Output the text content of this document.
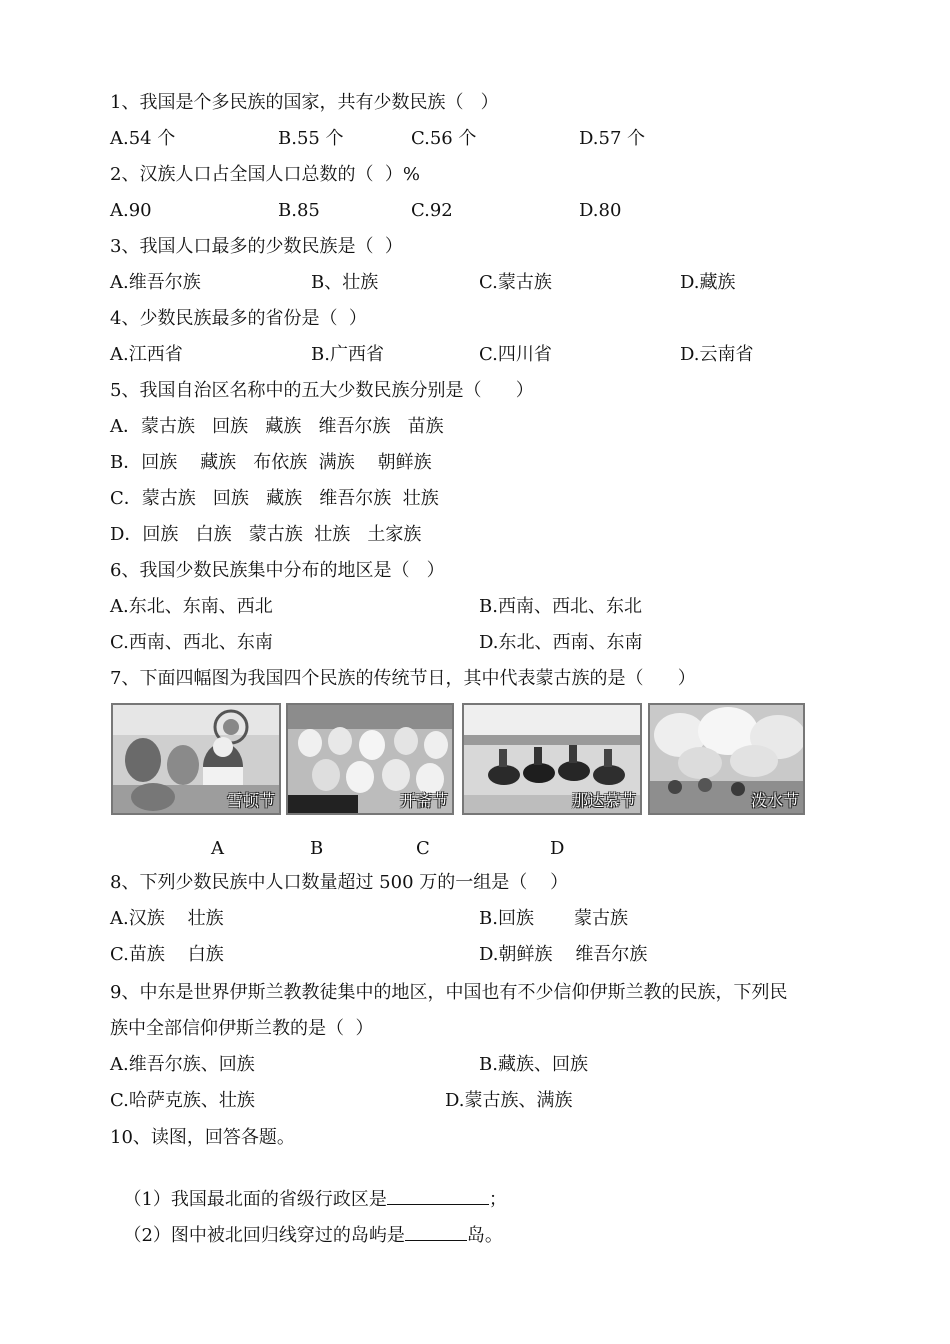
1、我国是个多民族的国家，共有少数民族（   ）
A.54 个	B.55 个	C.56 个	D.57 个
2、汉族人口占全国人口总数的（  ）%
A.90	B.85	C.92	D.80
3、我国人口最多的少数民族是（  ）
A.维吾尔族	B、壮族	C.蒙古族	D.藏族
4、少数民族最多的省份是（  ）
A.江西省	B.广西省	C.四川省	D.云南省
5、我国自治区名称中的五大少数民族分别是（      ）
A．蒙古族   回族   藏族   维吾尔族   苗族
B．回族    藏族   布依族  满族    朝鲜族
C．蒙古族   回族   藏族   维吾尔族  壮族
D．回族   白族   蒙古族  壮族   土家族
6、我国少数民族集中分布的地区是（   ）
A.东北、东南、西北	B.西南、西北、东北
C.西南、西北、东南	D.东北、西南、东南
7、下面四幅图为我国四个民族的传统节日，其中代表蒙古族的是（      ）
雪顿节	开斋节	那达慕节	泼水节
A	B	C	D
8、下列少数民族中人口数量超过 500 万的一组是（    ）
A.汉族    壮族	B.回族       蒙古族
C.苗族    白族	D.朝鲜族    维吾尔族
9、中东是世界伊斯兰教教徒集中的地区，中国也有不少信仰伊斯兰教的民族，下列民
族中全部信仰伊斯兰教的是（  ）
A.维吾尔族、回族	B.藏族、回族
C.哈萨克族、壮族	D.蒙古族、满族
10、读图，回答各题。

（1）我国最北面的省级行政区是	；

（2）图中被北回归线穿过的岛屿是	岛。
